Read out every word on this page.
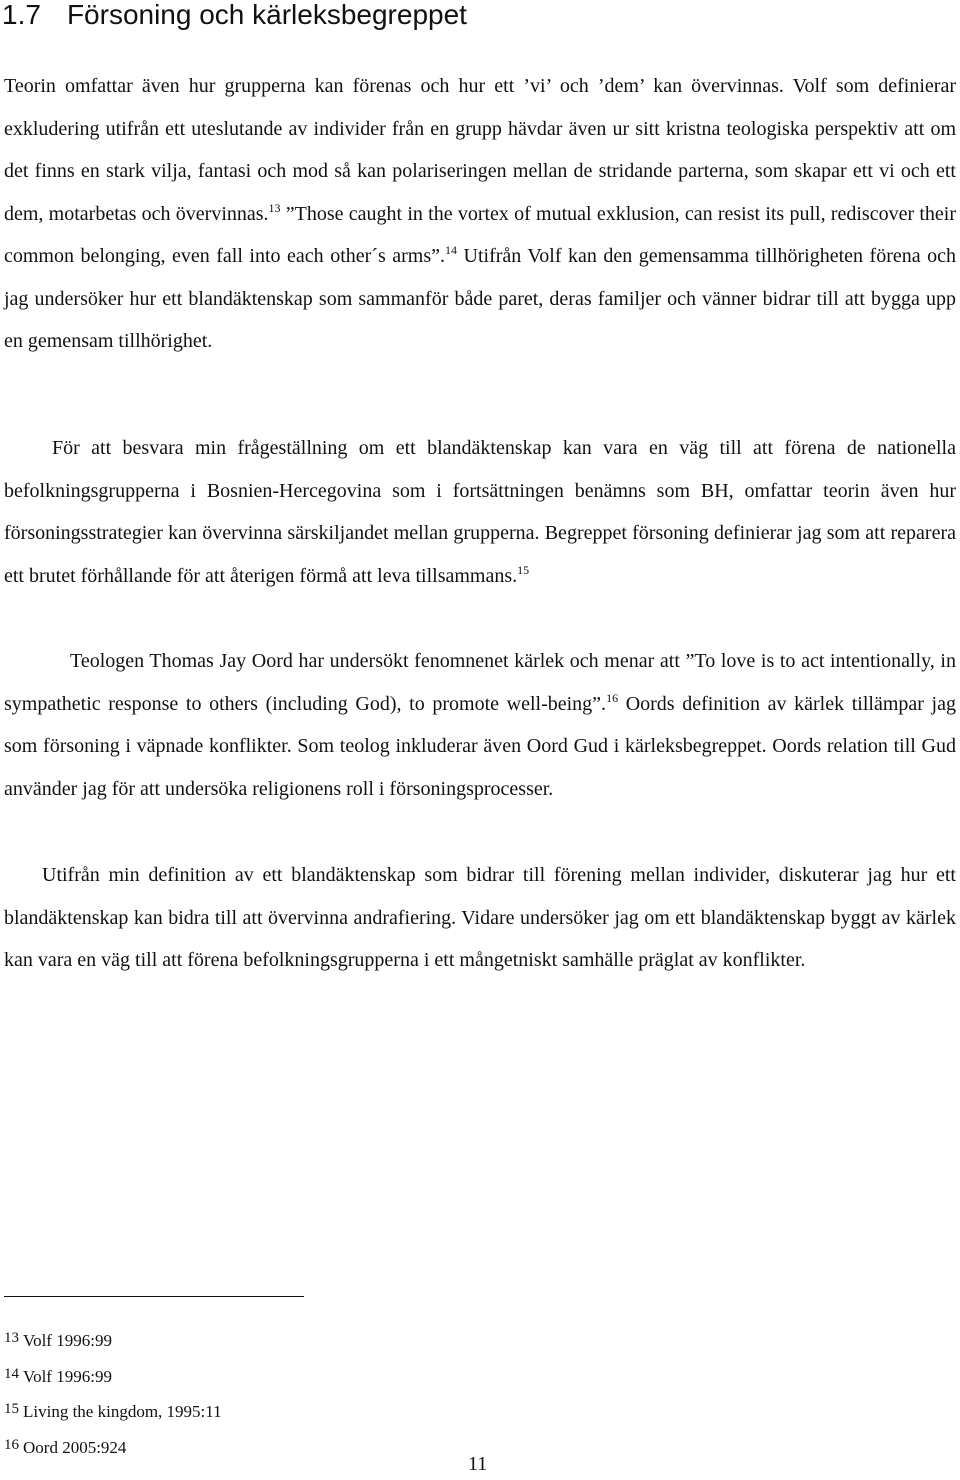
1.7 Försoning och kärleksbegreppet

Teorin omfattar även hur grupperna kan förenas och hur ett ’vi’ och ’dem’ kan övervinnas. Volf som definierar exkludering utifrån ett uteslutande av individer från en grupp hävdar även ur sitt kristna teologiska perspektiv att om det finns en stark vilja, fantasi och mod så kan polariseringen mellan de stridande parterna, som skapar ett vi och ett dem, motarbetas och övervinnas.$^{13}$ ”Those caught in the vortex of mutual exklusion, can resist its pull, rediscover their common belonging, even fall into each other´s arms”.$^{14}$ Utifrån Volf kan den gemensamma tillhörigheten förena och jag undersöker hur ett blandäktenskap som sammanför både paret, deras familjer och vänner bidrar till att bygga upp en gemensam tillhörighet.

För att besvara min frågeställning om ett blandäktenskap kan vara en väg till att förena de nationella befolkningsgrupperna i Bosnien-Hercegovina som i fortsättningen benämns som BH, omfattar teorin även hur försoningsstrategier kan övervinna särskiljandet mellan grupperna. Begreppet försoning definierar jag som att reparera ett brutet förhållande för att återigen förmå att leva tillsammans.$^{15}$

Teologen Thomas Jay Oord har undersökt fenomnenet kärlek och menar att ”To love is to act intentionally, in sympathetic response to others (including God), to promote well-being”.$^{16}$ Oords definition av kärlek tillämpar jag som försoning i väpnade konflikter. Som teolog inkluderar även Oord Gud i kärleksbegreppet. Oords relation till Gud använder jag för att undersöka religionens roll i försoningsprocesser.

Utifrån min definition av ett blandäktenskap som bidrar till förening mellan individer, diskuterar jag hur ett blandäktenskap kan bidra till att övervinna andrafiering. Vidare undersöker jag om ett blandäktenskap byggt av kärlek kan vara en väg till att förena befolkningsgrupperna i ett mångetniskt samhälle präglat av konflikter.

13 Volf 1996:99
14 Volf 1996:99
15 Living the kingdom, 1995:11
16 Oord 2005:924
11
